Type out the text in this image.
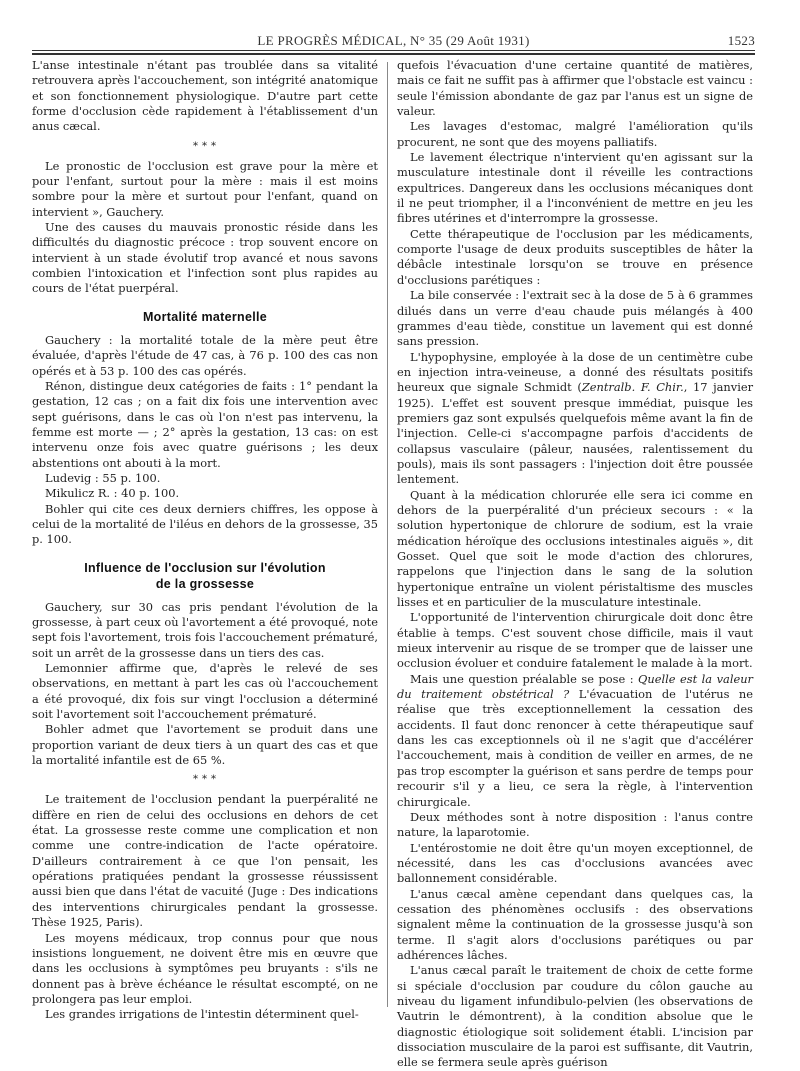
LE PROGRÈS MÉDICAL, N° 35 (29 Août 1931)	1523

L'anse intestinale n'étant pas troublée dans sa vitalité retrouvera après l'accouchement, son intégrité anatomique et son fonctionnement physiologique. D'autre part cette forme d'occlusion cède rapidement à l'établissement d'un anus cæcal.

* * *

Le pronostic de l'occlusion est grave pour la mère et pour l'enfant, surtout pour la mère : mais il est moins sombre pour la mère et surtout pour l'enfant, quand on intervient », Gauchery.

Une des causes du mauvais pronostic réside dans les difficultés du diagnostic précoce : trop souvent encore on intervient à un stade évolutif trop avancé et nous savons combien l'intoxication et l'infection sont plus rapides au cours de l'état puerpéral.

Mortalité maternelle

Gauchery : la mortalité totale de la mère peut être évaluée, d'après l'étude de 47 cas, à 76 p. 100 des cas non opérés et à 53 p. 100 des cas opérés.

Rénon, distingue deux catégories de faits : 1° pendant la gestation, 12 cas ; on a fait dix fois une intervention avec sept guérisons, dans le cas où l'on n'est pas intervenu, la femme est morte — ; 2° après la gestation, 13 cas: on est intervenu onze fois avec quatre guérisons ; les deux abstentions ont abouti à la mort.

Ludevig : 55 p. 100.

Mikulicz R. : 40 p. 100.

Bohler qui cite ces deux derniers chiffres, les oppose à celui de la mortalité de l'iléus en dehors de la grossesse, 35 p. 100.

Influence de l'occlusion sur l'évolution
de la grossesse

Gauchery, sur 30 cas pris pendant l'évolution de la grossesse, à part ceux où l'avortement a été provoqué, note sept fois l'avortement, trois fois l'accouchement prématuré, soit un arrêt de la grossesse dans un tiers des cas.

Lemonnier affirme que, d'après le relevé de ses observations, en mettant à part les cas où l'accouchement a été provoqué, dix fois sur vingt l'occlusion a déterminé soit l'avortement soit l'accouchement prématuré.

Bohler admet que l'avortement se produit dans une proportion variant de deux tiers à un quart des cas et que la mortalité infantile est de 65 %.

* * *

Le traitement de l'occlusion pendant la puerpéralité ne diffère en rien de celui des occlusions en dehors de cet état. La grossesse reste comme une complication et non comme une contre-indication de l'acte opératoire. D'ailleurs contrairement à ce que l'on pensait, les opérations pratiquées pendant la grossesse réussissent aussi bien que dans l'état de vacuité (Juge : Des indications des interventions chirurgicales pendant la grossesse. Thèse 1925, Paris).

Les moyens médicaux, trop connus pour que nous insistions longuement, ne doivent être mis en œuvre que dans les occlusions à symptômes peu bruyants : s'ils ne donnent pas à brève échéance le résultat escompté, on ne prolongera pas leur emploi.

Les grandes irrigations de l'intestin déterminent quel-

quefois l'évacuation d'une certaine quantité de matières, mais ce fait ne suffit pas à affirmer que l'obstacle est vaincu : seule l'émission abondante de gaz par l'anus est un signe de valeur.

Les lavages d'estomac, malgré l'amélioration qu'ils procurent, ne sont que des moyens palliatifs.

Le lavement électrique n'intervient qu'en agissant sur la musculature intestinale dont il réveille les contractions expultrices. Dangereux dans les occlusions mécaniques dont il ne peut triompher, il a l'inconvénient de mettre en jeu les fibres utérines et d'interrompre la grossesse.

Cette thérapeutique de l'occlusion par les médicaments, comporte l'usage de deux produits susceptibles de hâter la débâcle intestinale lorsqu'on se trouve en présence d'occlusions parétiques :

La bile conservée : l'extrait sec à la dose de 5 à 6 grammes dilués dans un verre d'eau chaude puis mélangés à 400 grammes d'eau tiède, constitue un lavement qui est donné sans pression.

L'hypophysine, employée à la dose de un centimètre cube en injection intra-veineuse, a donné des résultats positifs heureux que signale Schmidt (Zentralb. F. Chir., 17 janvier 1925). L'effet est souvent presque immédiat, puisque les premiers gaz sont expulsés quelquefois même avant la fin de l'injection. Celle-ci s'accompagne parfois d'accidents de collapsus vasculaire (pâleur, nausées, ralentissement du pouls), mais ils sont passagers : l'injection doit être poussée lentement.

Quant à la médication chlorurée elle sera ici comme en dehors de la puerpéralité d'un précieux secours : « la solution hypertonique de chlorure de sodium, est la vraie médication héroïque des occlusions intestinales aiguës », dit Gosset. Quel que soit le mode d'action des chlorures, rappelons que l'injection dans le sang de la solution hypertonique entraîne un violent péristaltisme des muscles lisses et en particulier de la musculature intestinale.

L'opportunité de l'intervention chirurgicale doit donc être établie à temps. C'est souvent chose difficile, mais il vaut mieux intervenir au risque de se tromper que de laisser une occlusion évoluer et conduire fatalement le malade à la mort.

Mais une question préalable se pose : Quelle est la valeur du traitement obstétrical ? L'évacuation de l'utérus ne réalise que très exceptionnellement la cessation des accidents. Il faut donc renoncer à cette thérapeutique sauf dans les cas exceptionnels où il ne s'agit que d'accélérer l'accouchement, mais à condition de veiller en armes, de ne pas trop escompter la guérison et sans perdre de temps pour recourir s'il y a lieu, ce sera la règle, à l'intervention chirurgicale.

Deux méthodes sont à notre disposition : l'anus contre nature, la laparotomie.

L'entérostomie ne doit être qu'un moyen exceptionnel, de nécessité, dans les cas d'occlusions avancées avec ballonnement considérable.

L'anus cæcal amène cependant dans quelques cas, la cessation des phénomènes occlusifs : des observations signalent même la continuation de la grossesse jusqu'à son terme. Il s'agit alors d'occlusions parétiques ou par adhérences lâches.

L'anus cæcal paraît le traitement de choix de cette forme si spéciale d'occlusion par coudure du côlon gauche au niveau du ligament infundibulo-pelvien (les observations de Vautrin le démontrent), à la condition absolue que le diagnostic étiologique soit solidement établi. L'incision par dissociation musculaire de la paroi est suffisante, dit Vautrin, elle se fermera seule après guérison
